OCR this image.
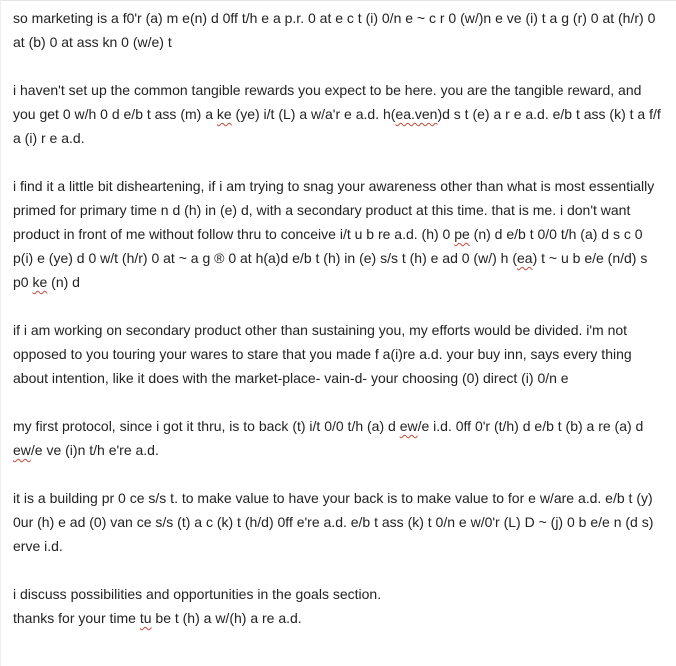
so marketing is a f0'r (a) m e(n) d 0ff t/h e a p.r. 0 at e c t (i) 0/n e ~ c r 0 (w/)n e ve (i) t a g (r) 0 at (h/r) 0 at (b) 0 at ass kn 0 (w/e) t

i haven't set up the common tangible rewards you expect to be here. you are the tangible reward, and you get 0 w/h 0 d e/b t ass (m) a ke (ye) i/t (L) a w/a'r e a.d. h(ea.ven)d s t (e) a r e a.d. e/b t ass (k) t a f/f a (i) r e a.d.

i find it a little bit disheartening, if i am trying to snag your awareness other than what is most essentially primed for primary time n d (h) in (e) d, with a secondary product at this time. that is me. i don't want product in front of me without follow thru to conceive i/t u b re a.d. (h) 0 pe (n) d e/b t 0/0 t/h (a) d s c 0 p(i) e (ye) d 0 w/t (h/r) 0 at ~ a g ® 0 at h(a)d e/b t (h) in (e) s/s t (h) e ad 0 (w/) h (ea) t ~ u b e/e (n/d) s p0 ke (n) d

if i am working on secondary product other than sustaining you, my efforts would be divided. i'm not opposed to you touring your wares to stare that you made f a(i)re a.d. your buy inn, says every thing about intention, like it does with the market-place- vain-d- your choosing (0) direct (i) 0/n e

my first protocol, since i got it thru, is to back (t) i/t 0/0 t/h (a) d ew/e i.d. 0ff 0'r (t/h) d e/b t (b) a re (a) d ew/e ve (i)n t/h e're a.d.

it is a building pr 0 ce s/s t. to make value to have your back is to make value to for e w/are a.d. e/b t (y) 0ur (h) e ad (0) van ce s/s (t) a c (k) t (h/d) 0ff e're a.d. e/b t ass (k) t 0/n e w/0'r (L) D ~ (j) 0 b e/e n (d s) erve i.d.

i discuss possibilities and opportunities in the goals section.
thanks for your time tu be t (h) a w/(h) a re a.d.
